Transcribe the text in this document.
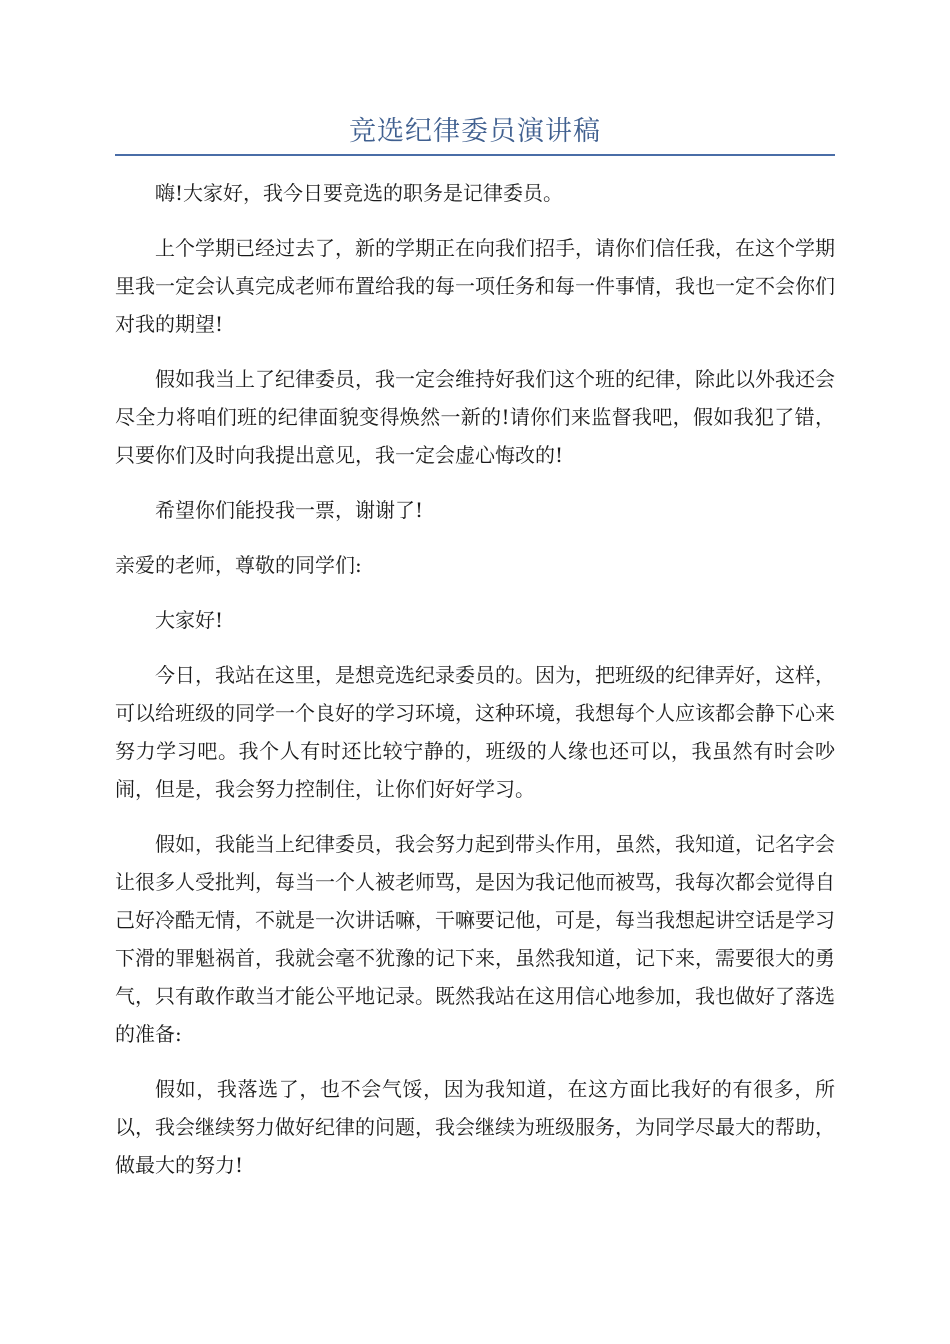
竞选纪律委员演讲稿

嗨!大家好，我今日要竞选的职务是记律委员。

上个学期已经过去了，新的学期正在向我们招手，请你们信任我，在这个学期里我一定会认真完成老师布置给我的每一项任务和每一件事情，我也一定不会你们对我的期望!

假如我当上了纪律委员，我一定会维持好我们这个班的纪律，除此以外我还会尽全力将咱们班的纪律面貌变得焕然一新的!请你们来监督我吧，假如我犯了错，只要你们及时向我提出意见，我一定会虚心悔改的!

希望你们能投我一票，谢谢了!

亲爱的老师，尊敬的同学们:

大家好!

今日，我站在这里，是想竞选纪录委员的。因为，把班级的纪律弄好，这样，可以给班级的同学一个良好的学习环境，这种环境，我想每个人应该都会静下心来努力学习吧。我个人有时还比较宁静的，班级的人缘也还可以，我虽然有时会吵闹，但是，我会努力控制住，让你们好好学习。

假如，我能当上纪律委员，我会努力起到带头作用，虽然，我知道，记名字会让很多人受批判，每当一个人被老师骂，是因为我记他而被骂，我每次都会觉得自己好冷酷无情，不就是一次讲话嘛，干嘛要记他，可是，每当我想起讲空话是学习下滑的罪魁祸首，我就会毫不犹豫的记下来，虽然我知道，记下来，需要很大的勇气，只有敢作敢当才能公平地记录。既然我站在这用信心地参加，我也做好了落选的准备:

假如，我落选了，也不会气馁，因为我知道，在这方面比我好的有很多，所以，我会继续努力做好纪律的问题，我会继续为班级服务，为同学尽最大的帮助，做最大的努力!
